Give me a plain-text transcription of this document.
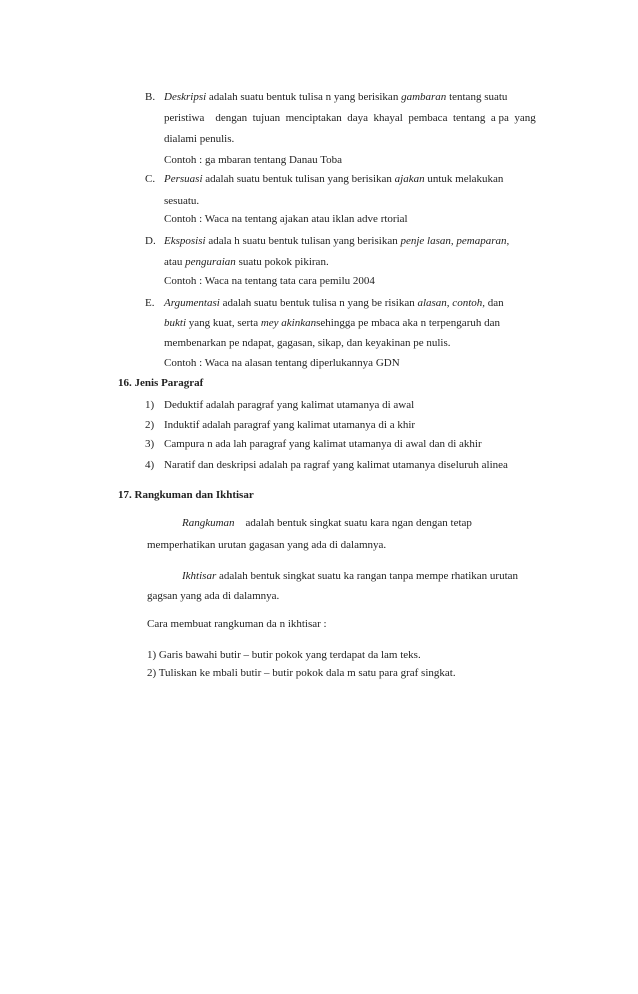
B. Deskripsi adalah suatu bentuk tulisa n yang berisikan gambaran tentang suatu
peristiwa    dengan  tujuan  menciptakan  daya  khayal  pembaca  tentang  a pa  yang
dialami penulis.
Contoh : ga mbaran tentang Danau Toba
C. Persuasi adalah suatu bentuk tulisan yang berisikan ajakan untuk melakukan
sesuatu.
Contoh : Waca na tentang ajakan atau iklan adve rtorial
D. Eksposisi adala h suatu bentuk tulisan yang berisikan penje lasan, pemaparan,
atau penguraian suatu pokok pikiran.
Contoh : Waca na tentang tata cara pemilu 2004
E. Argumentasi adalah suatu bentuk tulisa n yang be risikan alasan, contoh, dan
bukti yang kuat, serta mey akinkansehingga pe mbaca aka n terpengaruh dan
membenarkan pe ndapat, gagasan, sikap, dan keyakinan pe nulis.
Contoh : Waca na alasan tentang diperlukannya GDN
16. Jenis Paragraf
1) Deduktif adalah paragraf yang kalimat utamanya di awal
2) Induktif adalah paragraf yang kalimat utamanya di a khir
3) Campura n ada lah paragraf yang kalimat utamanya di awal dan di akhir
4) Naratif dan deskripsi adalah pa ragraf yang kalimat utamanya diseluruh alinea
17. Rangkuman dan Ikhtisar
Rangkuman adalah bentuk singkat suatu kara ngan dengan tetap
memperhatikan urutan gagasan yang ada di dalamnya.
Ikhtisar adalah bentuk singkat suatu ka rangan tanpa mempe rhatikan urutan
gagsan yang ada di dalamnya.
Cara membuat rangkuman da n ikhtisar :
1) Garis bawahi butir – butir pokok yang terdapat da lam teks.
2) Tuliskan ke mbali butir – butir pokok dala m satu para graf singkat.
